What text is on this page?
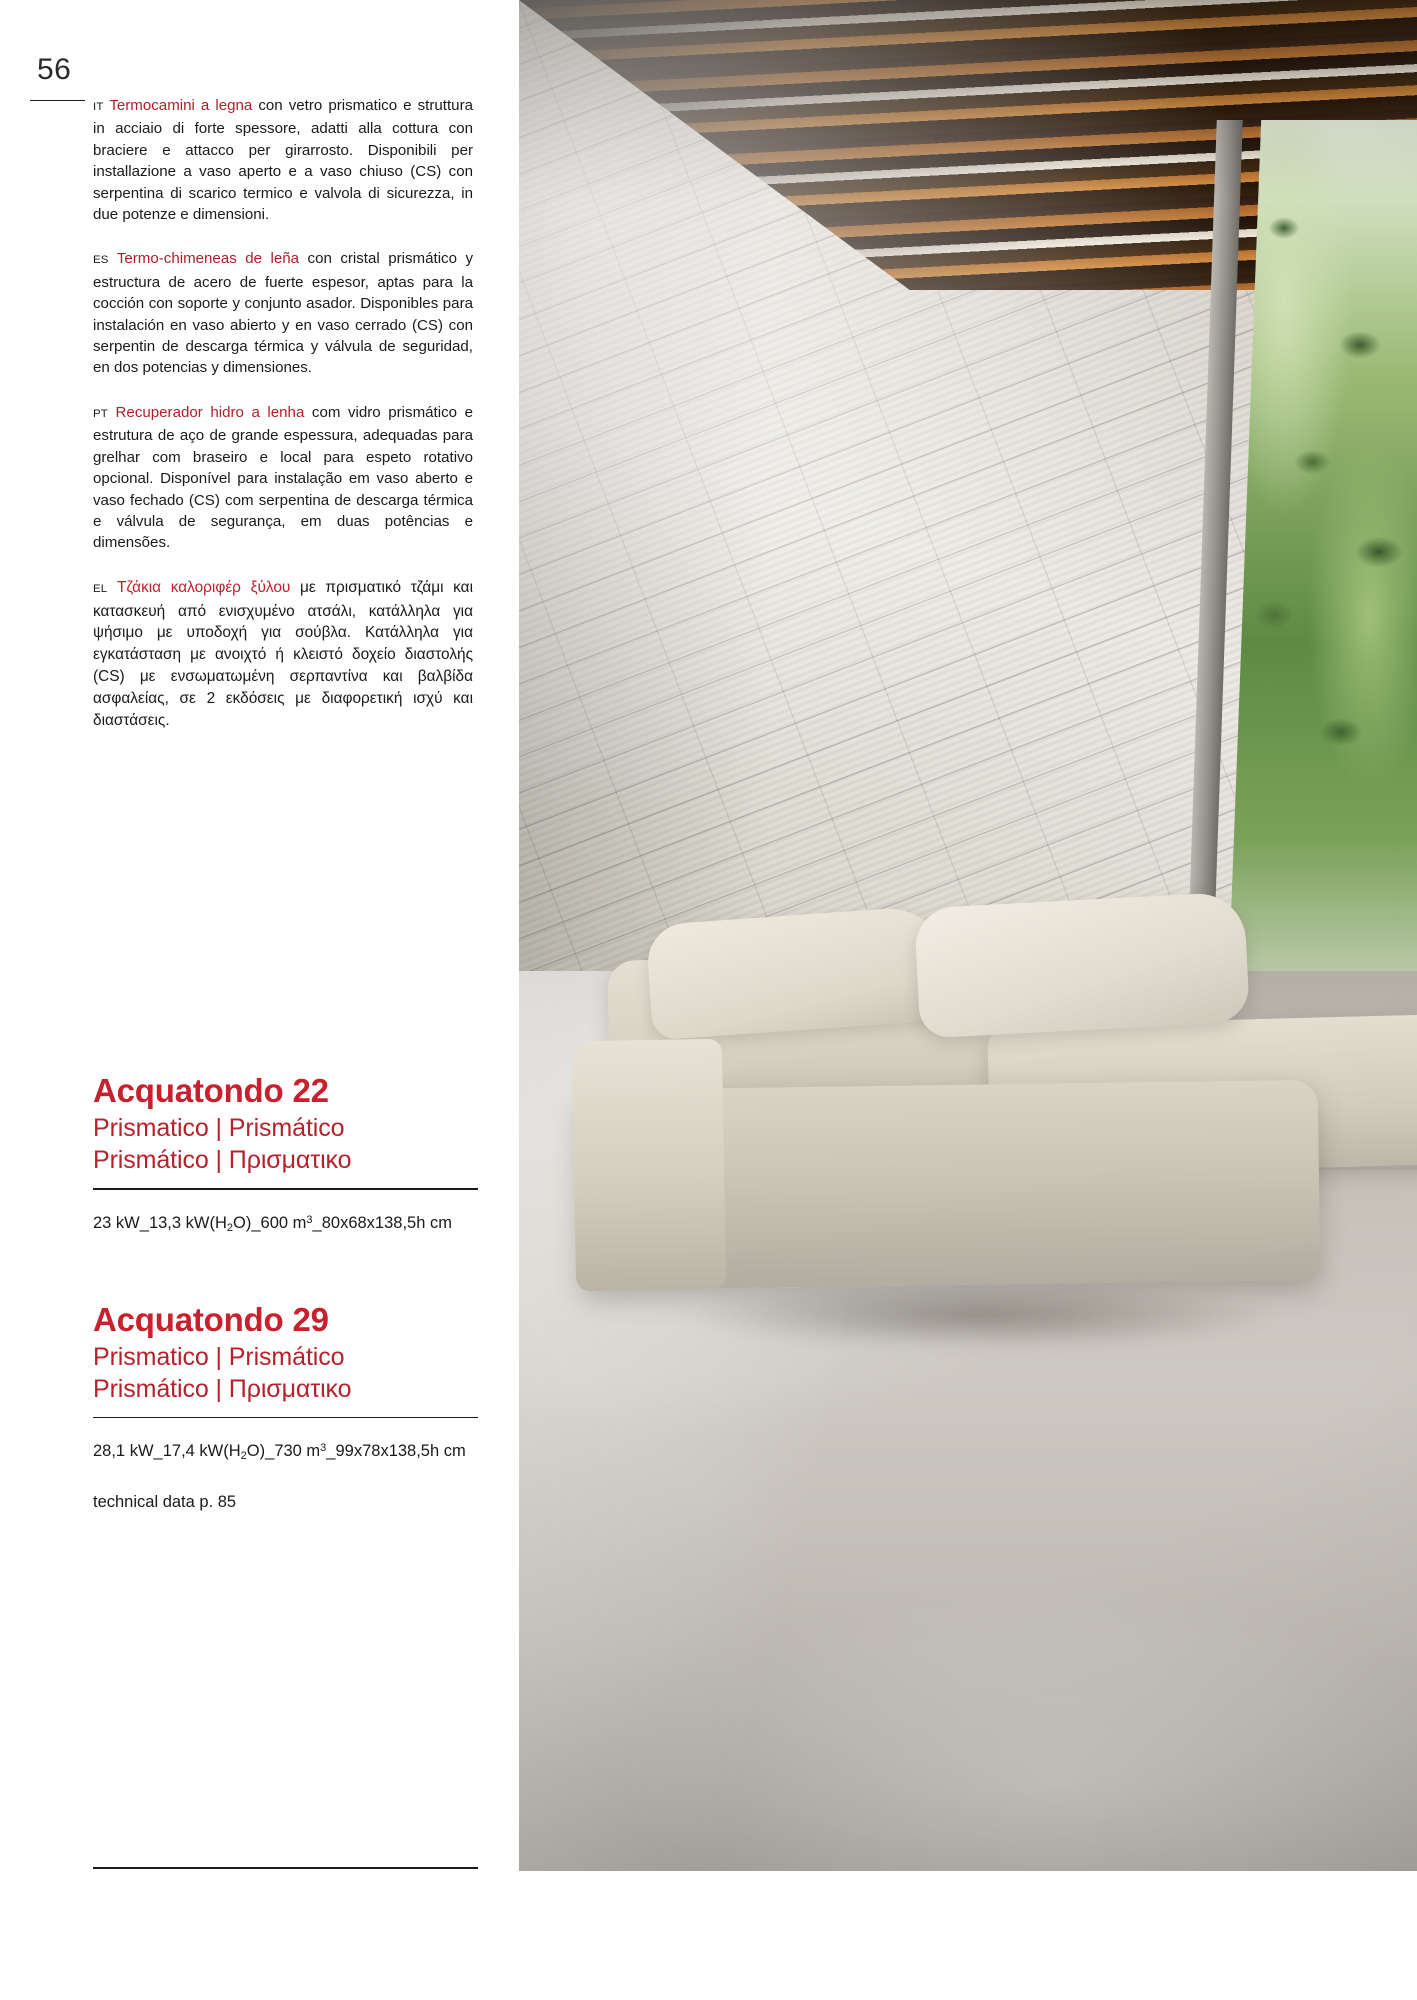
56

IT Termocamini a legna con vetro prismatico e struttura in acciaio di forte spessore, adatti alla cottura con braciere e attacco per girarrosto. Disponibili per installazione a vaso aperto e a vaso chiuso (CS) con serpentina di scarico termico e valvola di sicurezza, in due potenze e dimensioni.

ES Termo-chimeneas de leña con cristal prismático y estructura de acero de fuerte espesor, aptas para la cocción con soporte y conjunto asador. Disponibles para instalación en vaso abierto y en vaso cerrado (CS) con serpentin de descarga térmica y válvula de seguridad, en dos potencias y dimensiones.

PT Recuperador hidro a lenha com vidro prismático e estrutura de aço de grande espessura, adequadas para grelhar com braseiro e local para espeto rotativo opcional. Disponível para instalação em vaso aberto e vaso fechado (CS) com serpentina de descarga térmica e válvula de segurança, em duas potências e dimensões.

EL Τζάκια καλοριφέρ ξύλου με πρισματικό τζάμι και κατασκευή από ενισχυμένο ατσάλι, κατάλληλα για ψήσιμο με υποδοχή για σούβλα. Κατάλληλα για εγκατάσταση με ανοιχτό ή κλειστό δοχείο διαστολής (CS) με ενσωματωμένη σερπαντίνα και βαλβίδα ασφαλείας, σε 2 εκδόσεις με διαφορετική ισχύ και διαστάσεις.

Acquatondo 22

Prismatico | Prismático

Prismático | Πρισματικο

23 kW_13,3 $kW(H_2O)\_600$ $m^3\_80x68x138,5h$ cm

Acquatondo 29

Prismatico | Prismático

Prismático | Πρισματικο

28,1 kW_17,4 $kW(H_2O)\_730$ $m^3\_99x78x138,5h$ cm

technical data p. 85
